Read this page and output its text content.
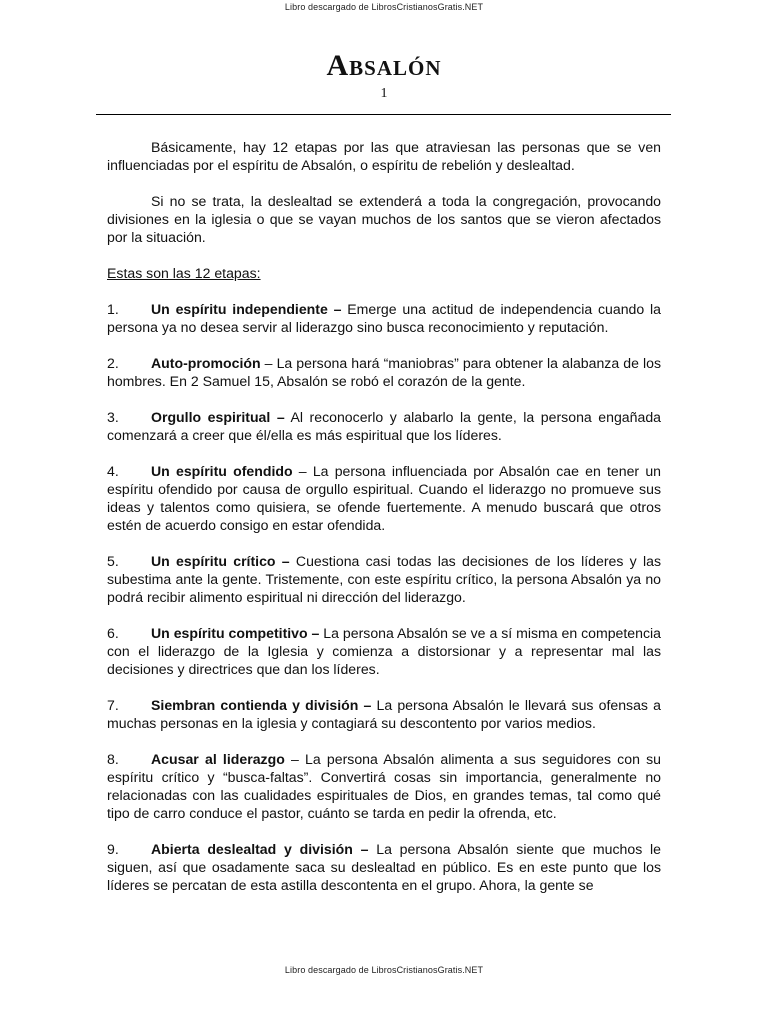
Libro descargado de LibrosCristianosGratis.NET
Absalón
1

Básicamente, hay 12 etapas por las que atraviesan las personas que se ven influenciadas por el espíritu de Absalón, o espíritu de rebelión y deslealtad.

Si no se trata, la deslealtad se extenderá a toda la congregación, provocando divisiones en la iglesia o que se vayan muchos de los santos que se vieron afectados por la situación.

Estas son las 12 etapas:

1. Un espíritu independiente – Emerge una actitud de independencia cuando la persona ya no desea servir al liderazgo sino busca reconocimiento y reputación.

2. Auto-promoción – La persona hará “maniobras” para obtener la alabanza de los hombres. En 2 Samuel 15, Absalón se robó el corazón de la gente.

3. Orgullo espiritual – Al reconocerlo y alabarlo la gente, la persona engañada comenzará a creer que él/ella es más espiritual que los líderes.

4. Un espíritu ofendido – La persona influenciada por Absalón cae en tener un espíritu ofendido por causa de orgullo espiritual. Cuando el liderazgo no promueve sus ideas y talentos como quisiera, se ofende fuertemente. A menudo buscará que otros estén de acuerdo consigo en estar ofendida.

5. Un espíritu crítico – Cuestiona casi todas las decisiones de los líderes y las subestima ante la gente. Tristemente, con este espíritu crítico, la persona Absalón ya no podrá recibir alimento espiritual ni dirección del liderazgo.

6. Un espíritu competitivo – La persona Absalón se ve a sí misma en competencia con el liderazgo de la Iglesia y comienza a distorsionar y a representar mal las decisiones y directrices que dan los líderes.

7. Siembran contienda y división – La persona Absalón le llevará sus ofensas a muchas personas en la iglesia y contagiará su descontento por varios medios.

8. Acusar al liderazgo – La persona Absalón alimenta a sus seguidores con su espíritu crítico y “busca-faltas”. Convertirá cosas sin importancia, generalmente no relacionadas con las cualidades espirituales de Dios, en grandes temas, tal como qué tipo de carro conduce el pastor, cuánto se tarda en pedir la ofrenda, etc.

9. Abierta deslealtad y división – La persona Absalón siente que muchos le siguen, así que osadamente saca su deslealtad en público. Es en este punto que los líderes se percatan de esta astilla descontenta en el grupo. Ahora, la gente se

Libro descargado de LibrosCristianosGratis.NET
